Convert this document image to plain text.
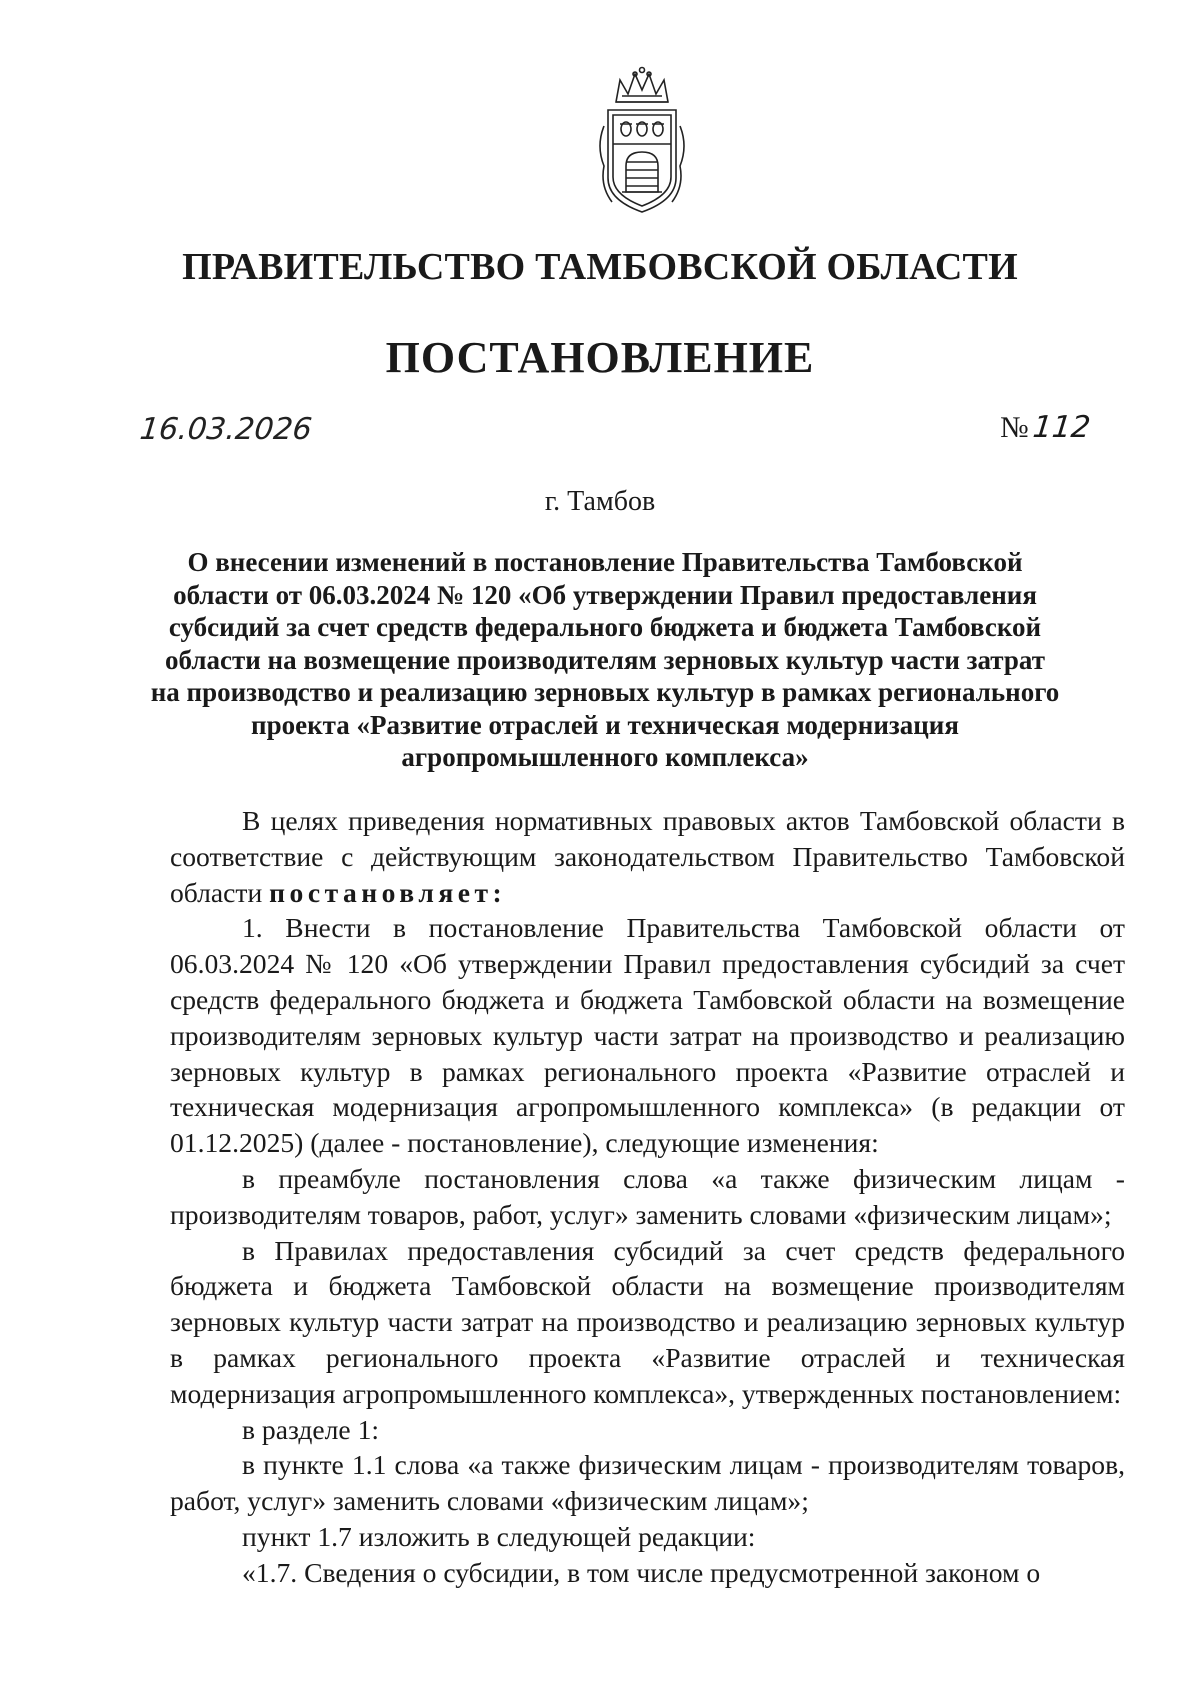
ПРАВИТЕЛЬСТВО ТАМБОВСКОЙ ОБЛАСТИ
ПОСТАНОВЛЕНИЕ
16.03.2026	№ 112
г. Тамбов
О внесении изменений в постановление Правительства Тамбовской области от 06.03.2024 № 120 «Об утверждении Правил предоставления субсидий за счет средств федерального бюджета и бюджета Тамбовской области на возмещение производителям зерновых культур части затрат на производство и реализацию зерновых культур в рамках регионального проекта «Развитие отраслей и техническая модернизация агропромышленного комплекса»

В целях приведения нормативных правовых актов Тамбовской области в соответствие с действующим законодательством Правительство Тамбовской области постановляет:

1. Внести в постановление Правительства Тамбовской области от 06.03.2024 № 120 «Об утверждении Правил предоставления субсидий за счет средств федерального бюджета и бюджета Тамбовской области на возмещение производителям зерновых культур части затрат на производство и реализацию зерновых культур в рамках регионального проекта «Развитие отраслей и техническая модернизация агропромышленного комплекса» (в редакции от 01.12.2025) (далее - постановление), следующие изменения:

в преамбуле постановления слова «а также физическим лицам - производителям товаров, работ, услуг» заменить словами «физическим лицам»;

в Правилах предоставления субсидий за счет средств федерального бюджета и бюджета Тамбовской области на возмещение производителям зерновых культур части затрат на производство и реализацию зерновых культур в рамках регионального проекта «Развитие отраслей и техническая модернизация агропромышленного комплекса», утвержденных постановлением:

в разделе 1:

в пункте 1.1 слова «а также физическим лицам - производителям товаров, работ, услуг» заменить словами «физическим лицам»;

пункт 1.7 изложить в следующей редакции:

«1.7. Сведения о субсидии, в том числе предусмотренной законом о
